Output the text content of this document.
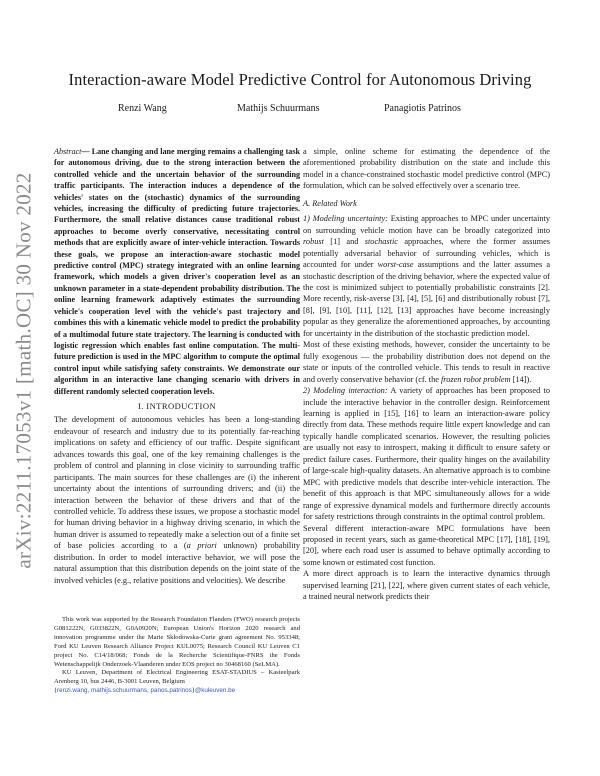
arXiv:2211.17053v1 [math.OC] 30 Nov 2022
Interaction-aware Model Predictive Control for Autonomous Driving
Renzi Wang	Mathijs Schuurmans	Panagiotis Patrinos

Abstract— Lane changing and lane merging remains a challenging task for autonomous driving, due to the strong interaction between the controlled vehicle and the uncertain behavior of the surrounding traffic participants. The interaction induces a dependence of the vehicles' states on the (stochastic) dynamics of the surrounding vehicles, increasing the difficulty of predicting future trajectories. Furthermore, the small relative distances cause traditional robust approaches to become overly conservative, necessitating control methods that are explicitly aware of inter-vehicle interaction. Towards these goals, we propose an interaction-aware stochastic model predictive control (MPC) strategy integrated with an online learning framework, which models a given driver's cooperation level as an unknown parameter in a state-dependent probability distribution. The online learning framework adaptively estimates the surrounding vehicle's cooperation level with the vehicle's past trajectory and combines this with a kinematic vehicle model to predict the probability of a multimodal future state trajectory. The learning is conducted with logistic regression which enables fast online computation. The multi-future prediction is used in the MPC algorithm to compute the optimal control input while satisfying safety constraints. We demonstrate our algorithm in an interactive lane changing scenario with drivers in different randomly selected cooperation levels.

I. INTRODUCTION

The development of autonomous vehicles has been a long-standing endeavour of research and industry due to its potentially far-reaching implications on safety and efficiency of our traffic. Despite significant advances towards this goal, one of the key remaining challenges is the problem of control and planning in close vicinity to surrounding traffic participants. The main sources for these challenges are (i) the inherent uncertainty about the intentions of surrounding drivers; and (ii) the interaction between the behavior of these drivers and that of the controlled vehicle. To address these issues, we propose a stochastic model for human driving behavior in a highway driving scenario, in which the human driver is assumed to repeatedly make a selection out of a finite set of base policies according to a (a priori unknown) probability distribution. In order to model interactive behavior, we will pose the natural assumption that this distribution depends on the joint state of the involved vehicles (e.g., relative positions and velocities). We describe

This work was supported by the Research Foundation Flanders (FWO) research projects G081222N, G033822N, G0A0920N; European Union's Horizon 2020 research and innovation programme under the Marie Skłodowska-Curie grant agreement No. 953348; Ford KU Leuven Research Alliance Project KUL0075; Research Council KU Leuven C1 project No. C14/18/068; Fonds de la Recherche Scientifique-FNRS the Fonds Wetenschappelijk Onderzoek-Vlaanderen under EOS project no 30468160 (SeLMA).

KU Leuven, Department of Electrical Engineering ESAT-STADIUS – Kasteelpark Arenberg 10, bus 2446, B-3001 Leuven, Belgium

{renzi.wang, mathijs.schuurmans, panos.patrinos}@kuleuven.be

a simple, online scheme for estimating the dependence of the aforementioned probability distribution on the state and include this model in a chance-constrained stochastic model predictive control (MPC) formulation, which can be solved effectively over a scenario tree.

A. Related Work

1) Modeling uncertainty: Existing approaches to MPC under uncertainty on surrounding vehicle motion have can be broadly categorized into robust [1] and stochastic approaches, where the former assumes potentially adversarial behavior of surrounding vehicles, which is accounted for under worst-case assumptions and the latter assumes a stochastic description of the driving behavior, where the expected value of the cost is minimized subject to potentially probabilistic constraints [2]. More recently, risk-averse [3], [4], [5], [6] and distributionally robust [7], [8], [9], [10], [11], [12], [13] approaches have become increasingly popular as they generalize the aforementioned approaches, by accounting for uncertainty in the distribution of the stochastic prediction model.

Most of these existing methods, however, consider the uncertainty to be fully exogenous — the probability distribution does not depend on the state or inputs of the controlled vehicle. This tends to result in reactive and overly conservative behavior (cf. the frozen robot problem [14]).

2) Modeling interaction: A variety of approaches has been proposed to include the interactive behavior in the controller design. Reinforcement learning is applied in [15], [16] to learn an interaction-aware policy directly from data. These methods require little expert knowledge and can typically handle complicated scenarios. However, the resulting policies are usually not easy to introspect, making it difficult to ensure safety or predict failure cases. Furthermore, their quality hinges on the availability of large-scale high-quality datasets. An alternative approach is to combine MPC with predictive models that describe inter-vehicle interaction. The benefit of this approach is that MPC simultaneously allows for a wide range of expressive dynamical models and furthermore directly accounts for safety restrictions through constraints in the optimal control problem.

Several different interaction-aware MPC formulations have been proposed in recent years, such as game-theoretical MPC [17], [18], [19], [20], where each road user is assumed to behave optimally according to some known or estimated cost function.

A more direct approach is to learn the interactive dynamics through supervised learning [21], [22], where given current states of each vehicle, a trained neural network predicts their
